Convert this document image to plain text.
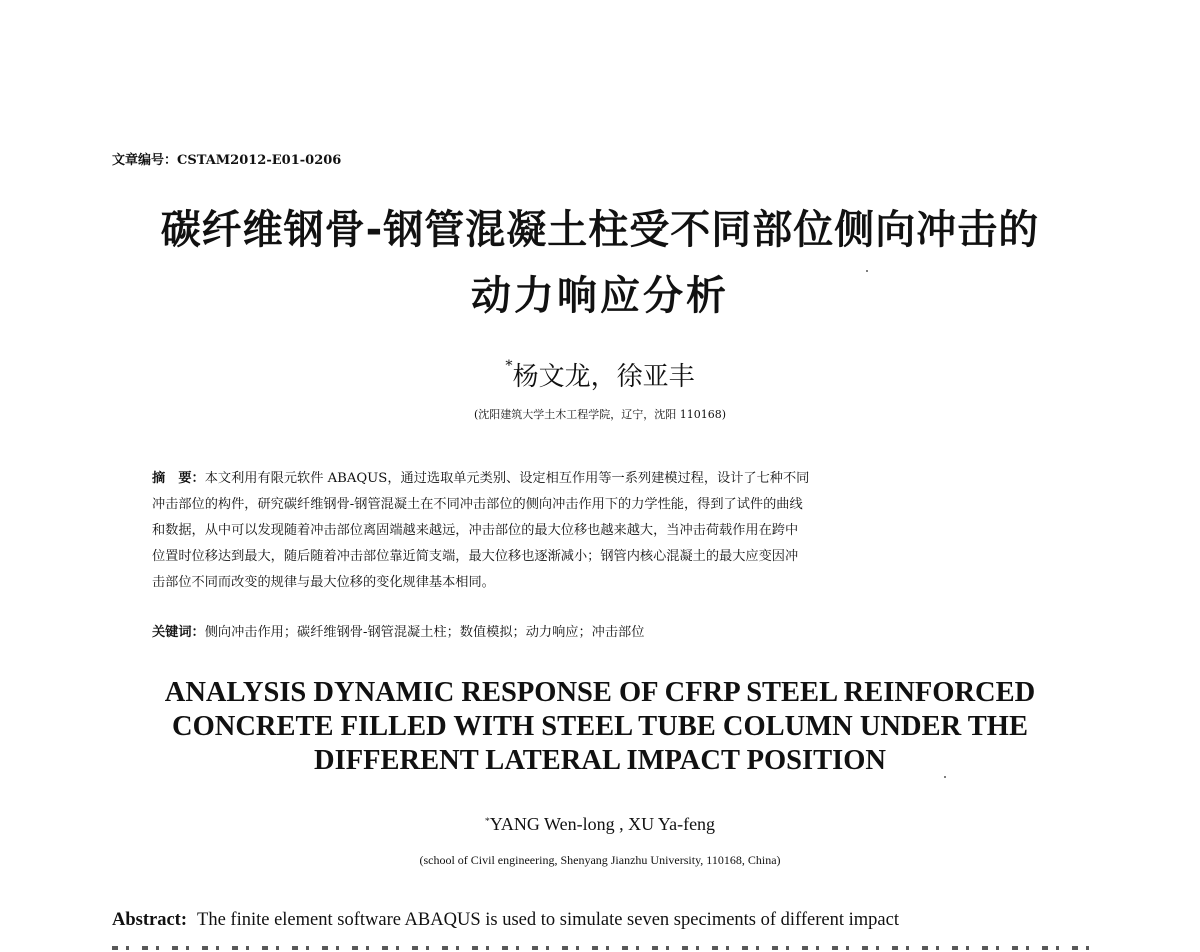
文章编号：CSTAM2012-E01-0206
碳纤维钢骨-钢管混凝土柱受不同部位侧向冲击的
动力响应分析
*杨文龙，徐亚丰
(沈阳建筑大学土木工程学院，辽宁，沈阳 110168)
摘　要：本文利用有限元软件 ABAQUS，通过选取单元类别、设定相互作用等一系列建模过程，设计了七种不同
冲击部位的构件，研究碳纤维钢骨-钢管混凝土在不同冲击部位的侧向冲击作用下的力学性能，得到了试件的曲线
和数据，从中可以发现随着冲击部位离固端越来越远，冲击部位的最大位移也越来越大，当冲击荷载作用在跨中
位置时位移达到最大，随后随着冲击部位靠近简支端，最大位移也逐渐减小；钢管内核心混凝土的最大应变因冲
击部位不同而改变的规律与最大位移的变化规律基本相同。
关键词：侧向冲击作用；碳纤维钢骨-钢管混凝土柱；数值模拟；动力响应；冲击部位
ANALYSIS DYNAMIC RESPONSE OF CFRP STEEL REINFORCED
CONCRETE FILLED WITH STEEL TUBE COLUMN UNDER THE
DIFFERENT LATERAL IMPACT POSITION
*YANG Wen-long , XU Ya-feng
(school of Civil engineering, Shenyang Jianzhu University, 110168, China)
Abstract: The finite element software ABAQUS is used to simulate seven speciments of different impact
